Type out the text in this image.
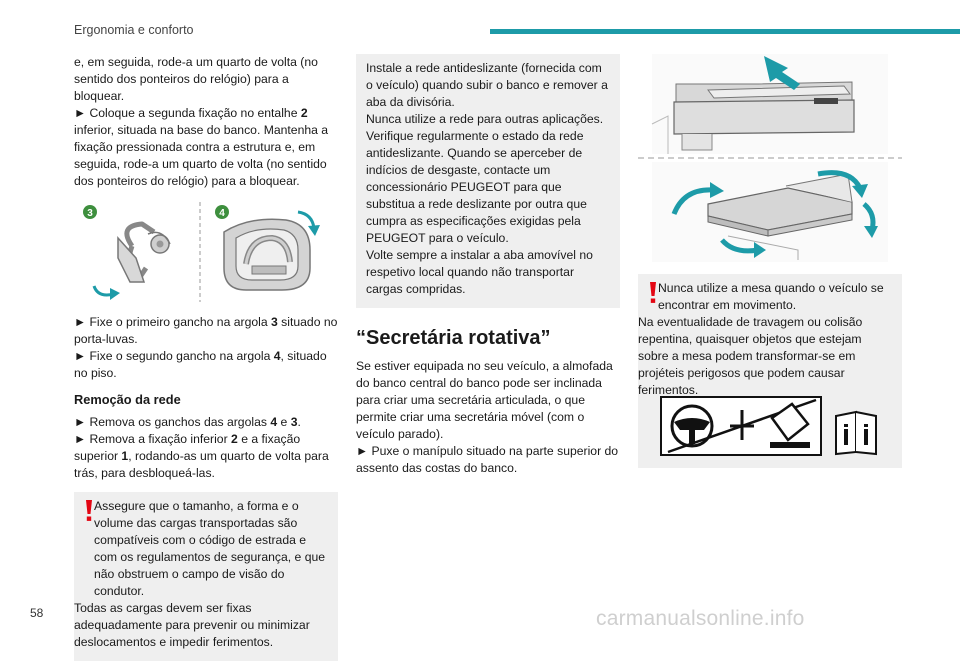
Ergonomia e conforto

e, em seguida, rode-a um quarto de volta (no sentido dos ponteiros do relógio) para a bloquear.

► Coloque a segunda fixação no entalhe 2 inferior, situada na base do banco. Mantenha a fixação pressionada contra a estrutura e, em seguida, rode-a um quarto de volta (no sentido dos ponteiros do relógio) para a bloquear.

3	4

► Fixe o primeiro gancho na argola 3 situado no porta-luvas.

► Fixe o segundo gancho na argola 4, situado no piso.

Remoção da rede

► Remova os ganchos das argolas 4 e 3.

► Remova a fixação inferior 2 e a fixação superior 1, rodando-as um quarto de volta para trás, para desbloqueá-las.

Assegure que o tamanho, a forma e o volume das cargas transportadas são compatíveis com o código de estrada e com os regulamentos de segurança, e que não obstruem o campo de visão do condutor.

Todas as cargas devem ser fixas adequadamente para prevenir ou minimizar deslocamentos e impedir ferimentos.

Instale a rede antideslizante (fornecida com o veículo) quando subir o banco e remover a aba da divisória.

Nunca utilize a rede para outras aplicações.

Verifique regularmente o estado da rede antideslizante. Quando se aperceber de indícios de desgaste, contacte um concessionário PEUGEOT para que substitua a rede deslizante por outra que cumpra as especificações exigidas pela PEUGEOT para o veículo.

Volte sempre a instalar a aba amovível no respetivo local quando não transportar cargas compridas.

“Secretária rotativa”

Se estiver equipada no seu veículo, a almofada do banco central do banco pode ser inclinada para criar uma secretária articulada, o que permite criar uma secretária móvel (com o veículo parado).

► Puxe o manípulo situado na parte superior do assento das costas do banco.

Nunca utilize a mesa quando o veículo se encontrar em movimento.

Na eventualidade de travagem ou colisão repentina, quaisquer objetos que estejam sobre a mesa podem transformar-se em projéteis perigosos que podem causar ferimentos.

58	carmanualsonline.info
